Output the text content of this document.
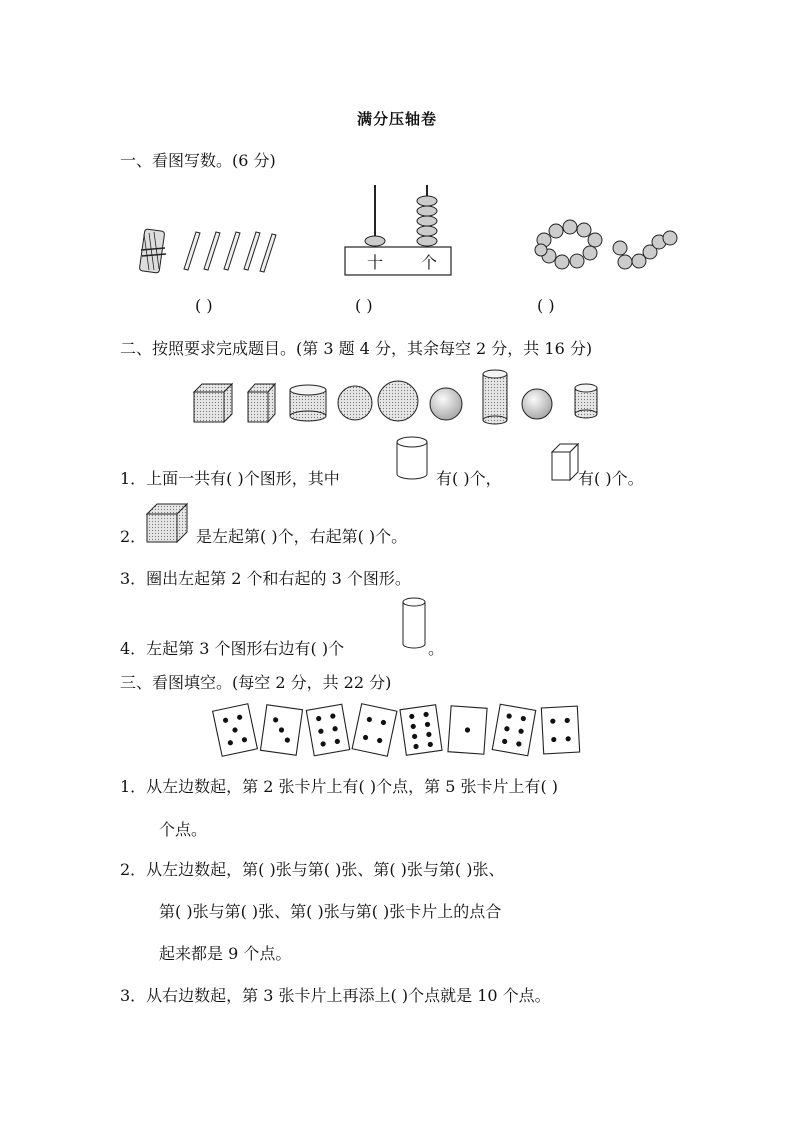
满分压轴卷
一、看图写数。(6 分)
十 个
( )	( )	( )
二、按照要求完成题目。(第 3 题 4 分，其余每空 2 分，共 16 分)
1．上面一共有( )个图形，其中	有( )个，	有( )个。
2．	是左起第( )个，右起第( )个。
3．圈出左起第 2 个和右起的 3 个图形。
4．左起第 3 个图形右边有( )个	。
三、看图填空。(每空 2 分，共 22 分)
1．从左边数起，第 2 张卡片上有( )个点，第 5 张卡片上有( )
个点。
2．从左边数起，第( )张与第( )张、第( )张与第( )张、
第( )张与第( )张、第( )张与第( )张卡片上的点合
起来都是 9 个点。
3．从右边数起，第 3 张卡片上再添上( )个点就是 10 个点。
